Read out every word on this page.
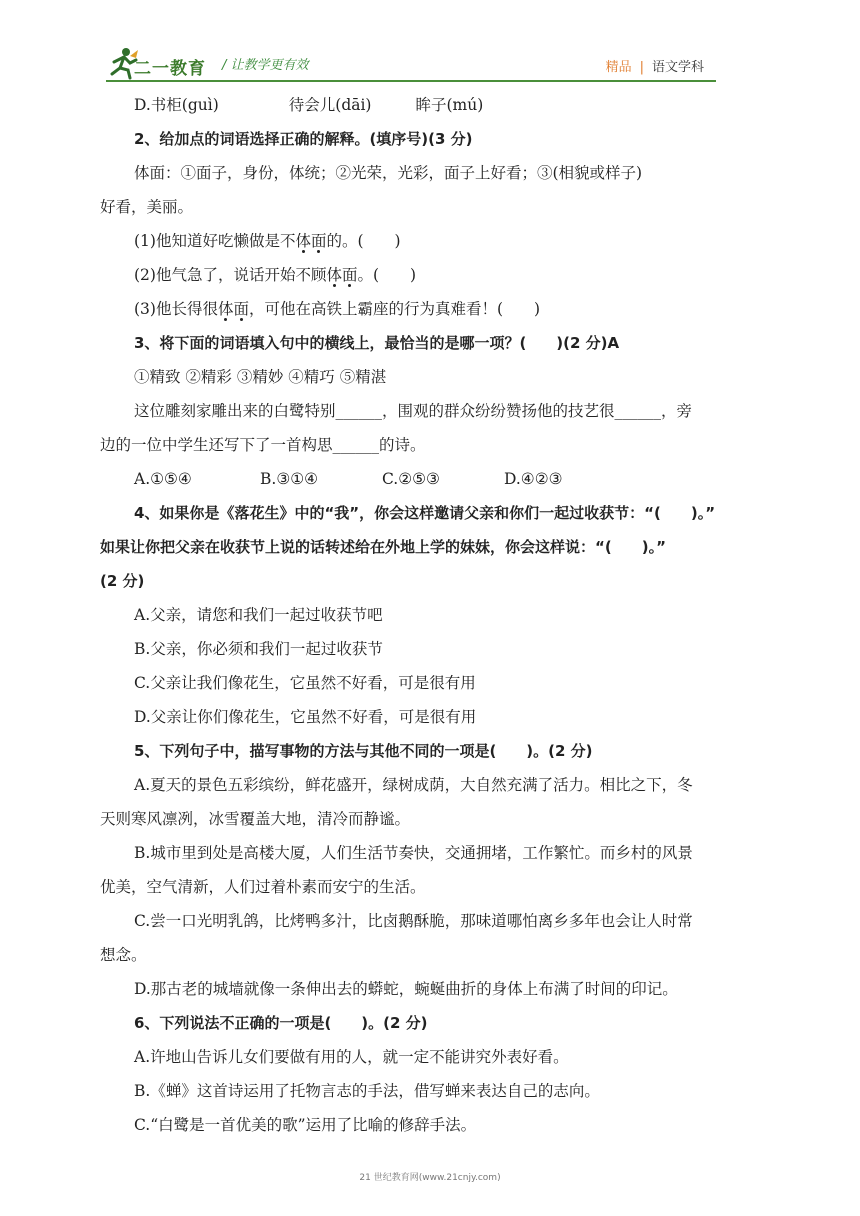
二一教育 / 让教学更有效	精品 | 语文学科

D.书柜(guì)	待会儿(dāi)	眸子(mú)

2、给加点的词语选择正确的解释。(填序号)(3 分)

体面：①面子，身份，体统；②光荣，光彩，面子上好看；③(相貌或样子)

好看，美丽。

(1)他知道好吃懒做是不体面的。(　　)

(2)他气急了，说话开始不顾体面。(　　)

(3)他长得很体面，可他在高铁上霸座的行为真难看！(　　)

3、将下面的词语填入句中的横线上，最恰当的是哪一项？(　　)(2 分)A

①精致 ②精彩 ③精妙 ④精巧 ⑤精湛

这位雕刻家雕出来的白鹭特别______，围观的群众纷纷赞扬他的技艺很______，旁

边的一位中学生还写下了一首构思______的诗。

A.①⑤④	B.③①④	C.②⑤③	D.④②③

4、如果你是《落花生》中的“我”，你会这样邀请父亲和你们一起过收获节：“(　　)。”

如果让你把父亲在收获节上说的话转述给在外地上学的妹妹，你会这样说：“(　　)。”

(2 分)

A.父亲，请您和我们一起过收获节吧

B.父亲，你必须和我们一起过收获节

C.父亲让我们像花生，它虽然不好看，可是很有用

D.父亲让你们像花生，它虽然不好看，可是很有用

5、下列句子中，描写事物的方法与其他不同的一项是(　　)。(2 分)

A.夏天的景色五彩缤纷，鲜花盛开，绿树成荫，大自然充满了活力。相比之下，冬

天则寒风凛冽，冰雪覆盖大地，清冷而静谧。

B.城市里到处是高楼大厦，人们生活节奏快，交通拥堵，工作繁忙。而乡村的风景

优美，空气清新，人们过着朴素而安宁的生活。

C.尝一口光明乳鸽，比烤鸭多汁，比卤鹅酥脆，那味道哪怕离乡多年也会让人时常

想念。

D.那古老的城墙就像一条伸出去的蟒蛇，蜿蜒曲折的身体上布满了时间的印记。

6、下列说法不正确的一项是(　　)。(2 分)

A.许地山告诉儿女们要做有用的人，就一定不能讲究外表好看。

B.《蝉》这首诗运用了托物言志的手法，借写蝉来表达自己的志向。

C.“白鹭是一首优美的歌”运用了比喻的修辞手法。

21 世纪教育网(www.21cnjy.com)
